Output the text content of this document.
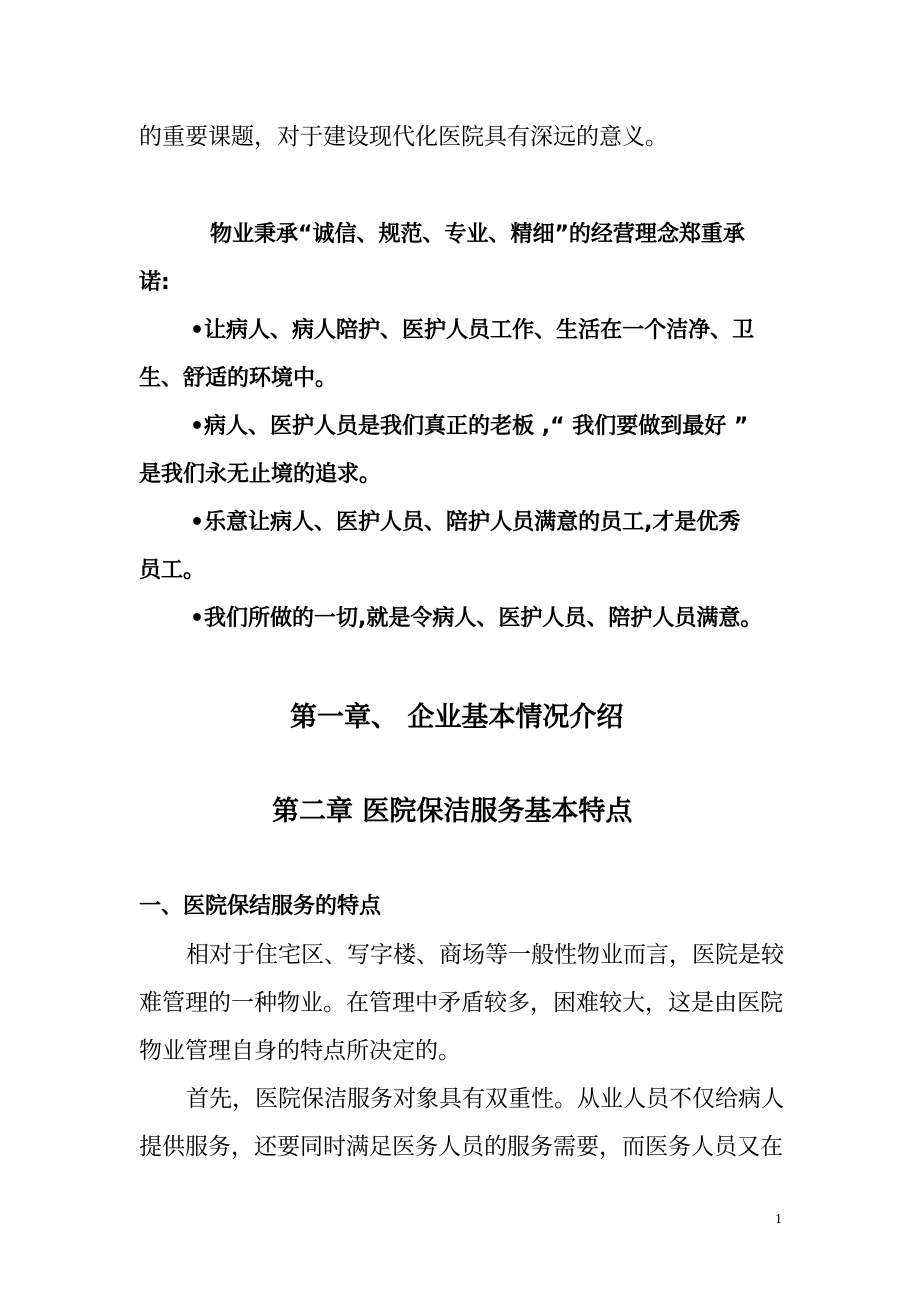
的重要课题，对于建设现代化医院具有深远的意义。
物业秉承“诚信、规范、专业、精细”的经营理念郑重承
诺:
•让病人、病人陪护、医护人员工作、生活在一个洁净、卫
生、舒适的环境中。
•病人、医护人员是我们真正的老板 ,“ 我们要做到最好 ”
是我们永无止境的追求。
•乐意让病人、医护人员、陪护人员满意的员工,才是优秀
员工。
•我们所做的一切,就是令病人、医护人员、陪护人员满意。
第一章、 企业基本情况介绍
第二章 医院保洁服务基本特点
一、医院保结服务的特点
相对于住宅区、写字楼、商场等一般性物业而言，医院是较
难管理的一种物业。在管理中矛盾较多，困难较大，这是由医院
物业管理自身的特点所决定的。
首先，医院保洁服务对象具有双重性。从业人员不仅给病人
提供服务，还要同时满足医务人员的服务需要，而医务人员又在
1
